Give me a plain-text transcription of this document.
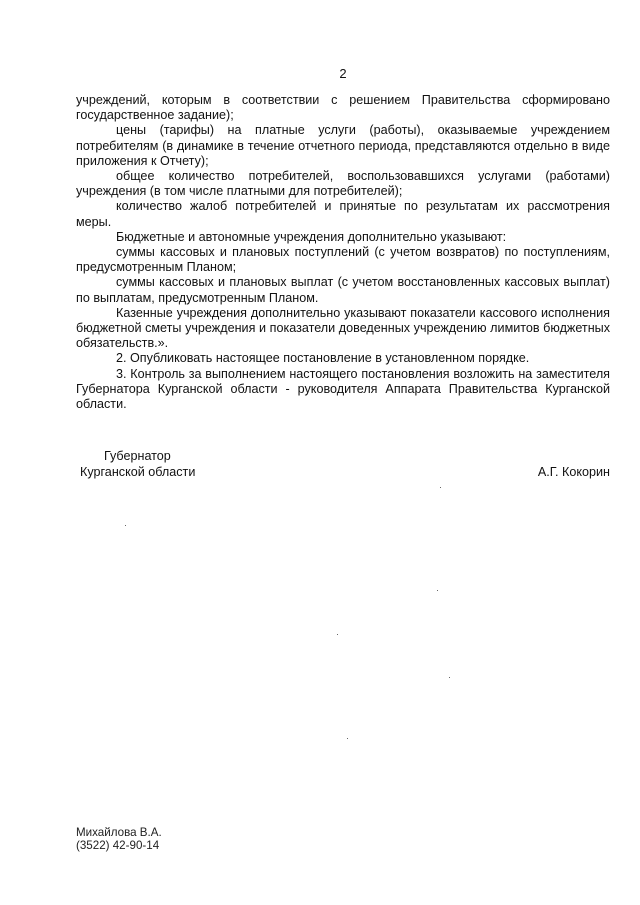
2

учреждений, которым в соответствии с решением Правительства сформировано государственное задание);

цены (тарифы) на платные услуги (работы), оказываемые учреждением потребителям (в динамике в течение отчетного периода, представляются отдельно в виде приложения к Отчету);

общее количество потребителей, воспользовавшихся услугами (работами) учреждения (в том числе платными для потребителей);

количество жалоб потребителей и принятые по результатам их рассмотрения меры.

Бюджетные и автономные учреждения дополнительно указывают:

суммы кассовых и плановых поступлений (с учетом возвратов) по поступлениям, предусмотренным Планом;

суммы кассовых и плановых выплат (с учетом восстановленных кассовых выплат) по выплатам, предусмотренным Планом.

Казенные учреждения дополнительно указывают показатели кассового исполнения бюджетной сметы учреждения и показатели доведенных учреждению лимитов бюджетных обязательств.».

2. Опубликовать настоящее постановление в установленном порядке.

3. Контроль за выполнением настоящего постановления возложить на заместителя Губернатора Курганской области - руководителя Аппарата Правительства Курганской области.

Губернатор
Курганской области	А.Г. Кокорин
Михайлова В.А.
(3522) 42-90-14
